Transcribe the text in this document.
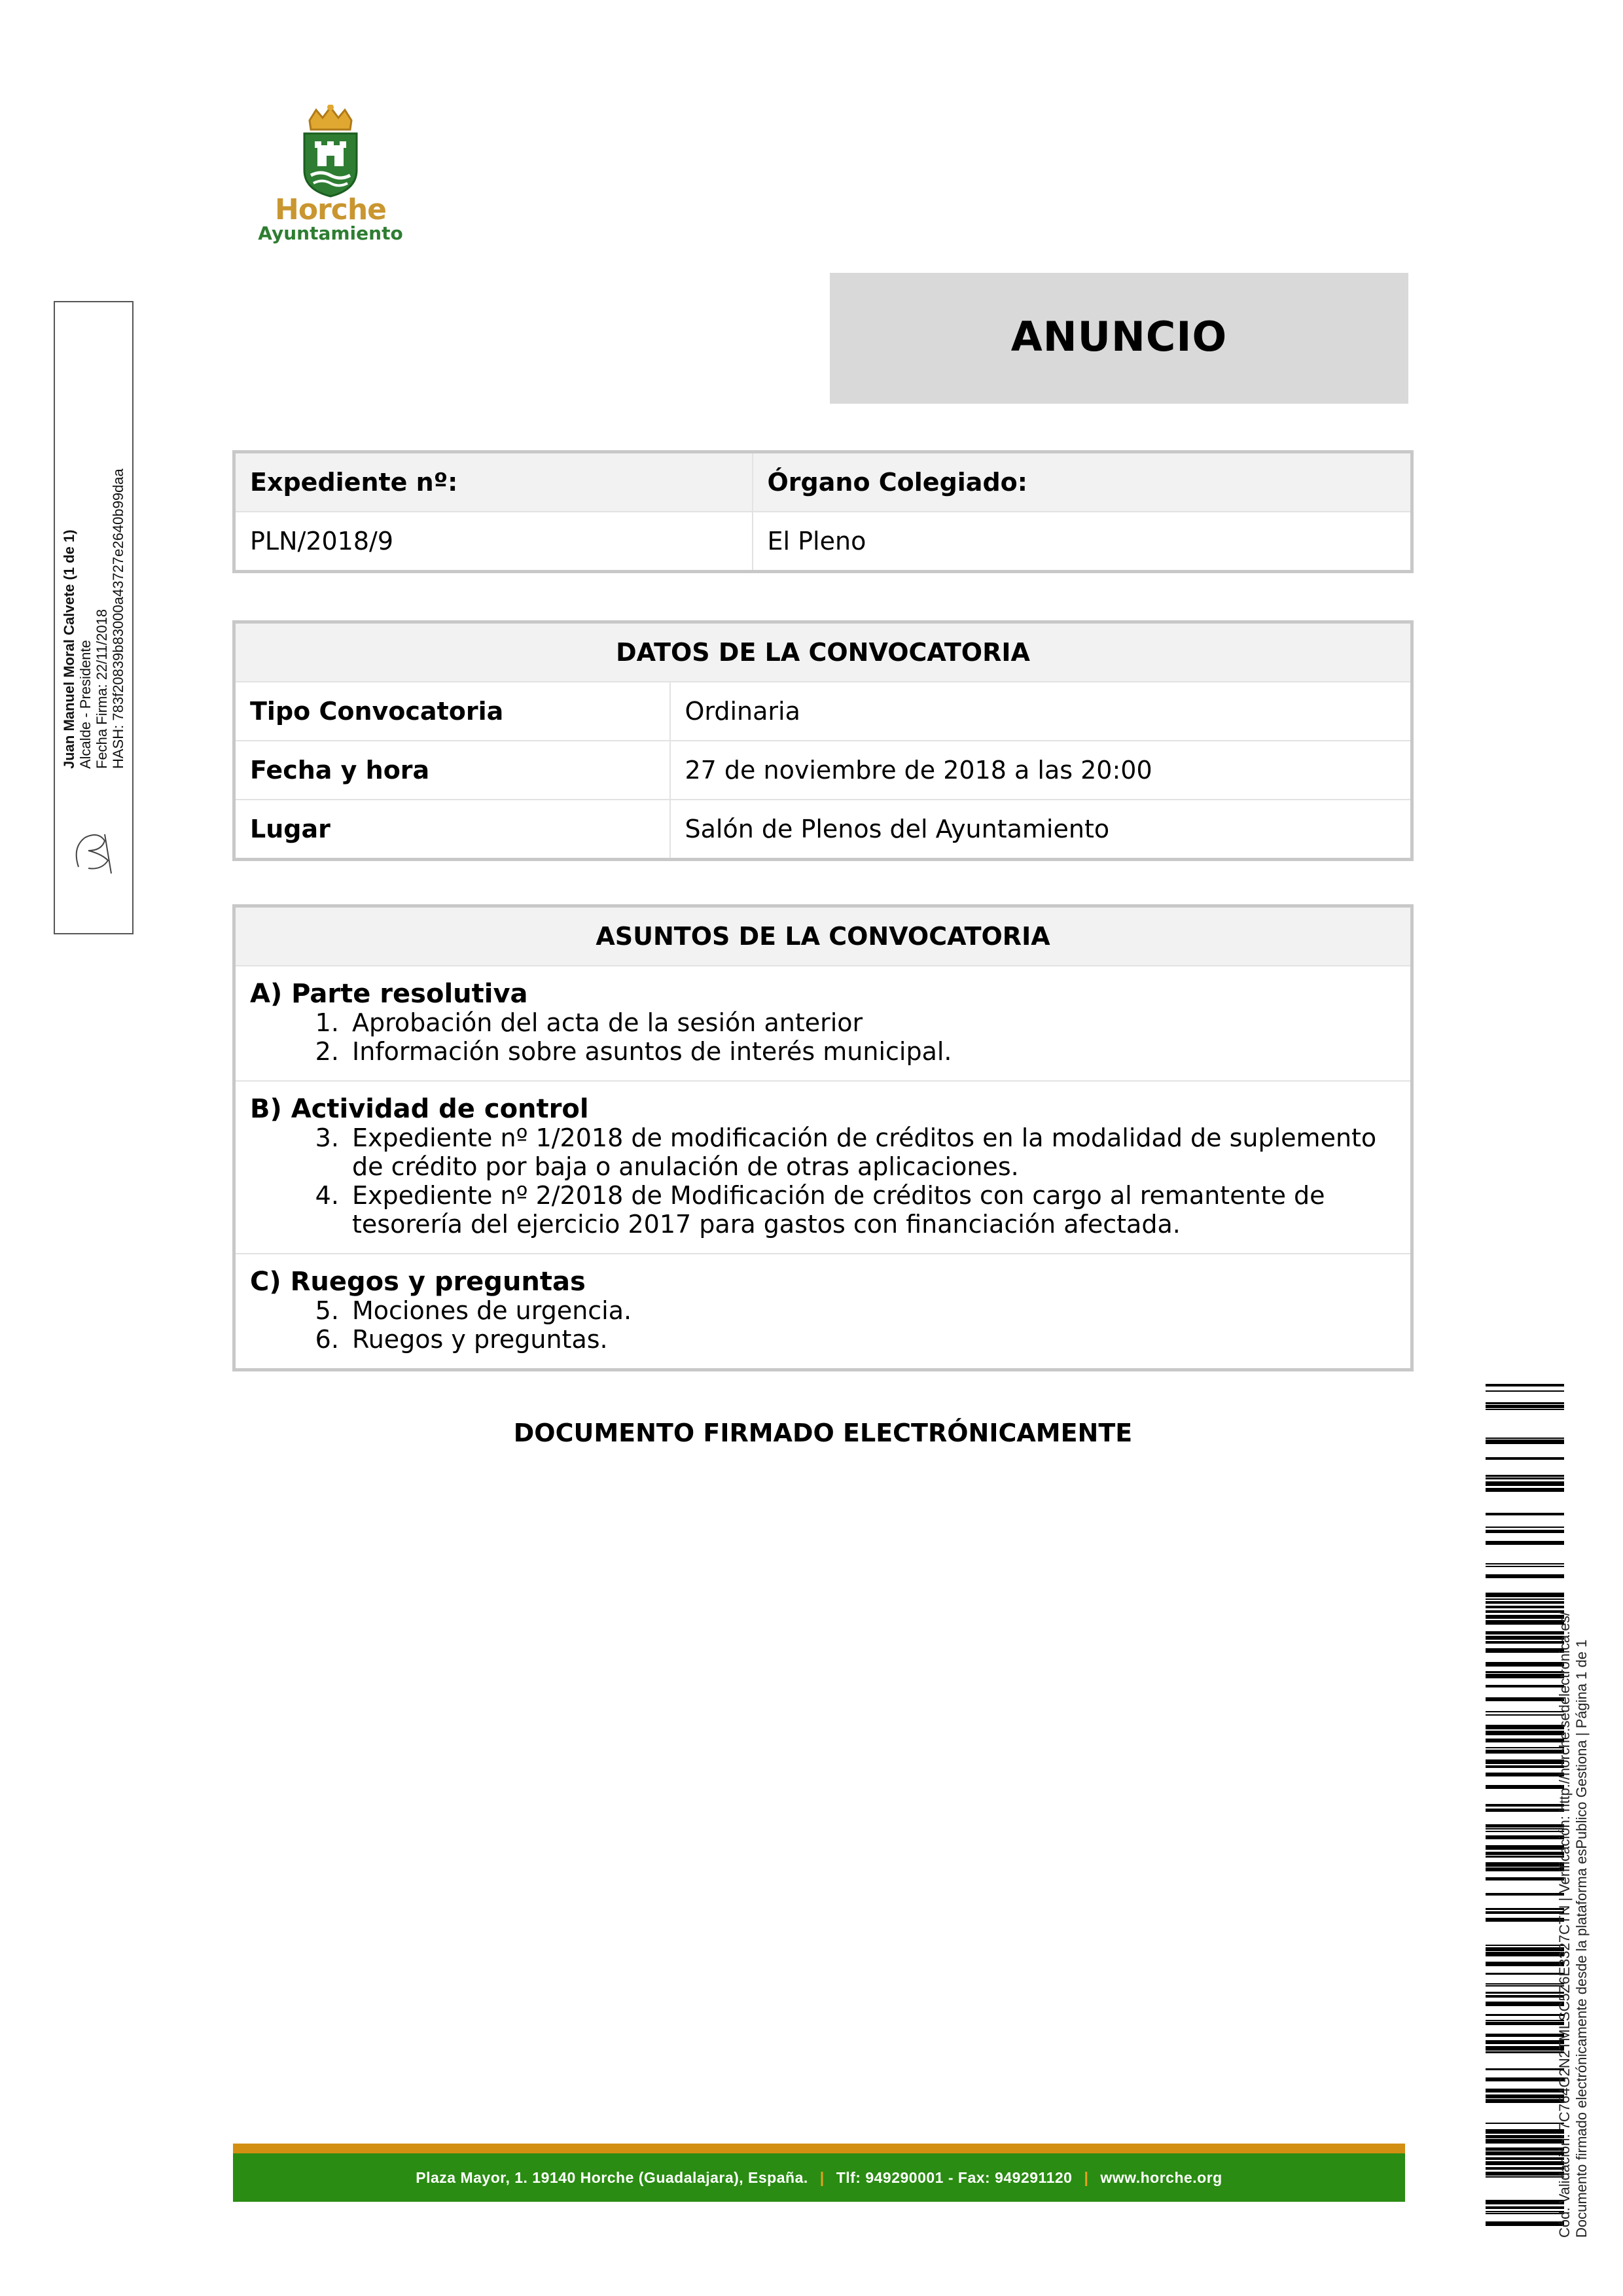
Horche
Ayuntamiento
Juan Manuel Moral Calvete (1 de 1) Alcalde - Presidente Fecha Firma: 22/11/2018 HASH: 783f20839b83000a43727e2640b99daa
ANUNCIO
Expediente nº:	Órgano Colegiado:
PLN/2018/9	El Pleno
DATOS DE LA CONVOCATORIA	
Tipo Convocatoria	Ordinaria
Fecha y hora	27 de noviembre de 2018 a las 20:00
Lugar	Salón de Plenos del Ayuntamiento
ASUNTOS DE LA CONVOCATORIA

A) Parte resolutiva
1. Aprobación del acta de la sesión anterior
2. Información sobre asuntos de interés municipal.

B) Actividad de control
3. Expediente nº 1/2018 de modificación de créditos en la modalidad de suplemento de crédito por baja o anulación de otras aplicaciones.
4. Expediente nº 2/2018 de Modificación de créditos con cargo al remantente de tesorería del ejercicio 2017 para gastos con financiación afectada.

C) Ruegos y preguntas
5. Mociones de urgencia.
6. Ruegos y preguntas.
DOCUMENTO FIRMADO ELECTRÓNICAMENTE
Plaza Mayor, 1. 19140 Horche (Guadalajara), España. | Tlf: 949290001 - Fax: 949291120 | www.horche.org	Cód. Validación: 7C764G2N2TMLSC5Z6E3327CTN | Verificación: http://horche.sedelectronica.es/ Documento firmado electrónicamente desde la plataforma esPublico Gestiona | Página 1 de 1
